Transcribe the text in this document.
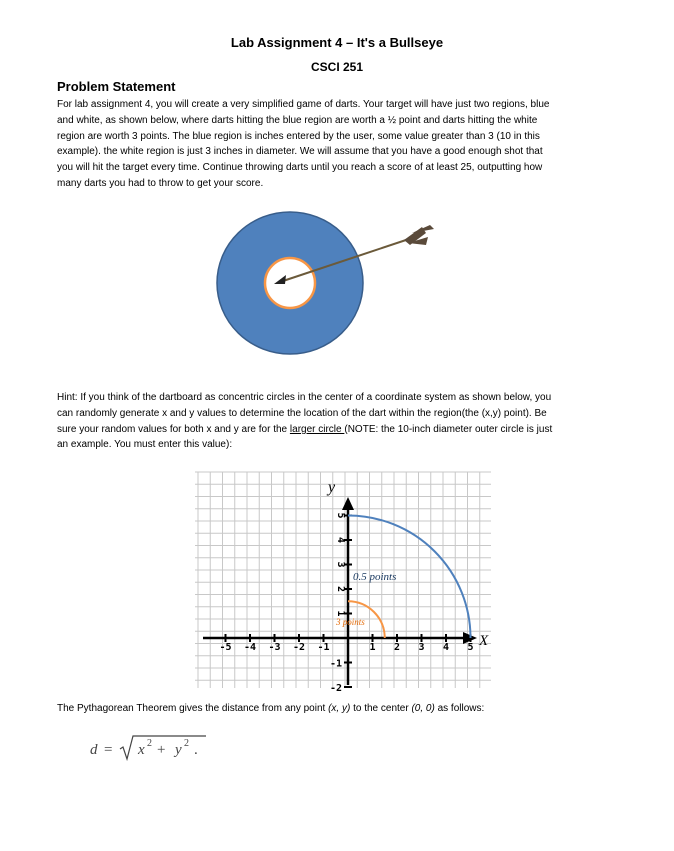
Lab Assignment 4 – It's a Bullseye
CSCI 251
Problem Statement
For lab assignment 4, you will create a very simplified game of darts. Your target will have just two regions, blue
and white, as shown below, where darts hitting the blue region are worth a ½ point and darts hitting the white
region are worth 3 points. The blue region is inches entered by the user, some value greater than 3 (10 in this
example). the white region is just 3 inches in diameter. We will assume that you have a good enough shot that
you will hit the target every time. Continue throwing darts until you reach a score of at least 25, outputting how
many darts you had to throw to get your score.
Hint: If you think of the dartboard as concentric circles in the center of a coordinate system as shown below, you
can randomly generate x and y values to determine the location of the dart within the region(the (x,y) point). Be
sure your random values for both x and y are for the larger circle (NOTE: the 10-inch diameter outer circle is just
an example. You must enter this value):
-5 -4 -3 -2 -1	1 2 3 4 5
5
4
3
2
1
-1
-2
X
y
0.5 points
3 points
The Pythagorean Theorem gives the distance from any point (x, y) to the center (0, 0) as follows:
d = x 2 + y 2 .
